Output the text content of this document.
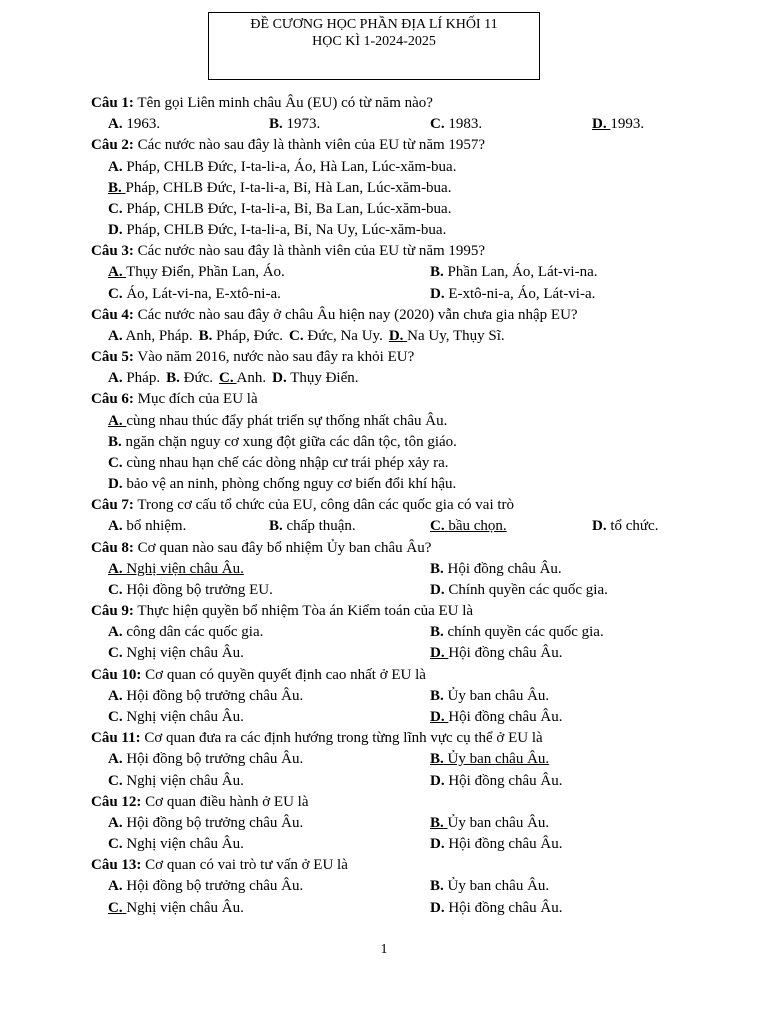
ĐỀ CƯƠNG HỌC PHẦN ĐỊA LÍ KHỐI 11
HỌC KÌ 1-2024-2025
Câu 1: Tên gọi Liên minh châu Âu (EU) có từ năm nào?
A. 1963.	B. 1973.	C. 1983.	D. 1993.
Câu 2: Các nước nào sau đây là thành viên của EU từ năm 1957?
A. Pháp, CHLB Đức, I-ta-li-a, Áo, Hà Lan, Lúc-xăm-bua.
B. Pháp, CHLB Đức, I-ta-li-a, Bỉ, Hà Lan, Lúc-xăm-bua.
C. Pháp, CHLB Đức, I-ta-li-a, Bỉ, Ba Lan, Lúc-xăm-bua.
D. Pháp, CHLB Đức, I-ta-li-a, Bỉ, Na Uy, Lúc-xăm-bua.
Câu 3: Các nước nào sau đây là thành viên của EU từ năm 1995?
A. Thụy Điển, Phần Lan, Áo.	B. Phần Lan, Áo, Lát-vi-na.
C. Áo, Lát-vi-na, E-xtô-ni-a.	D. E-xtô-ni-a, Áo, Lát-vi-a.
Câu 4: Các nước nào sau đây ở châu Âu hiện nay (2020) vẫn chưa gia nhập EU?
A. Anh, Pháp. B. Pháp, Đức. C. Đức, Na Uy. D. Na Uy, Thụy Sĩ.
Câu 5: Vào năm 2016, nước nào sau đây ra khỏi EU?
A. Pháp. B. Đức. C. Anh. D. Thụy Điển.
Câu 6: Mục đích của EU là
A. cùng nhau thúc đẩy phát triển sự thống nhất châu Âu.
B. ngăn chặn nguy cơ xung đột giữa các dân tộc, tôn giáo.
C. cùng nhau hạn chế các dòng nhập cư trái phép xảy ra.
D. bảo vệ an ninh, phòng chống nguy cơ biến đổi khí hậu.
Câu 7: Trong cơ cấu tổ chức của EU, công dân các quốc gia có vai trò
A. bổ nhiệm.	B. chấp thuận.	C. bầu chọn.	D. tổ chức.
Câu 8: Cơ quan nào sau đây bổ nhiệm Ủy ban châu Âu?
A. Nghị viện châu Âu.	B. Hội đồng châu Âu.
C. Hội đồng bộ trưởng EU.	D. Chính quyền các quốc gia.
Câu 9: Thực hiện quyền bổ nhiệm Tòa án Kiểm toán của EU là
A. công dân các quốc gia.	B. chính quyền các quốc gia.
C. Nghị viện châu Âu.	D. Hội đồng châu Âu.
Câu 10: Cơ quan có quyền quyết định cao nhất ở EU là
A. Hội đồng bộ trưởng châu Âu.	B. Ủy ban châu Âu.
C. Nghị viện châu Âu.	D. Hội đồng châu Âu.
Câu 11: Cơ quan đưa ra các định hướng trong từng lĩnh vực cụ thể ở EU là
A. Hội đồng bộ trưởng châu Âu.	B. Ủy ban châu Âu.
C. Nghị viện châu Âu.	D. Hội đồng châu Âu.
Câu 12: Cơ quan điều hành ở EU là
A. Hội đồng bộ trưởng châu Âu.	B. Ủy ban châu Âu.
C. Nghị viện châu Âu.	D. Hội đồng châu Âu.
Câu 13: Cơ quan có vai trò tư vấn ở EU là
A. Hội đồng bộ trưởng châu Âu.	B. Ủy ban châu Âu.
C. Nghị viện châu Âu.	D. Hội đồng châu Âu.
1
